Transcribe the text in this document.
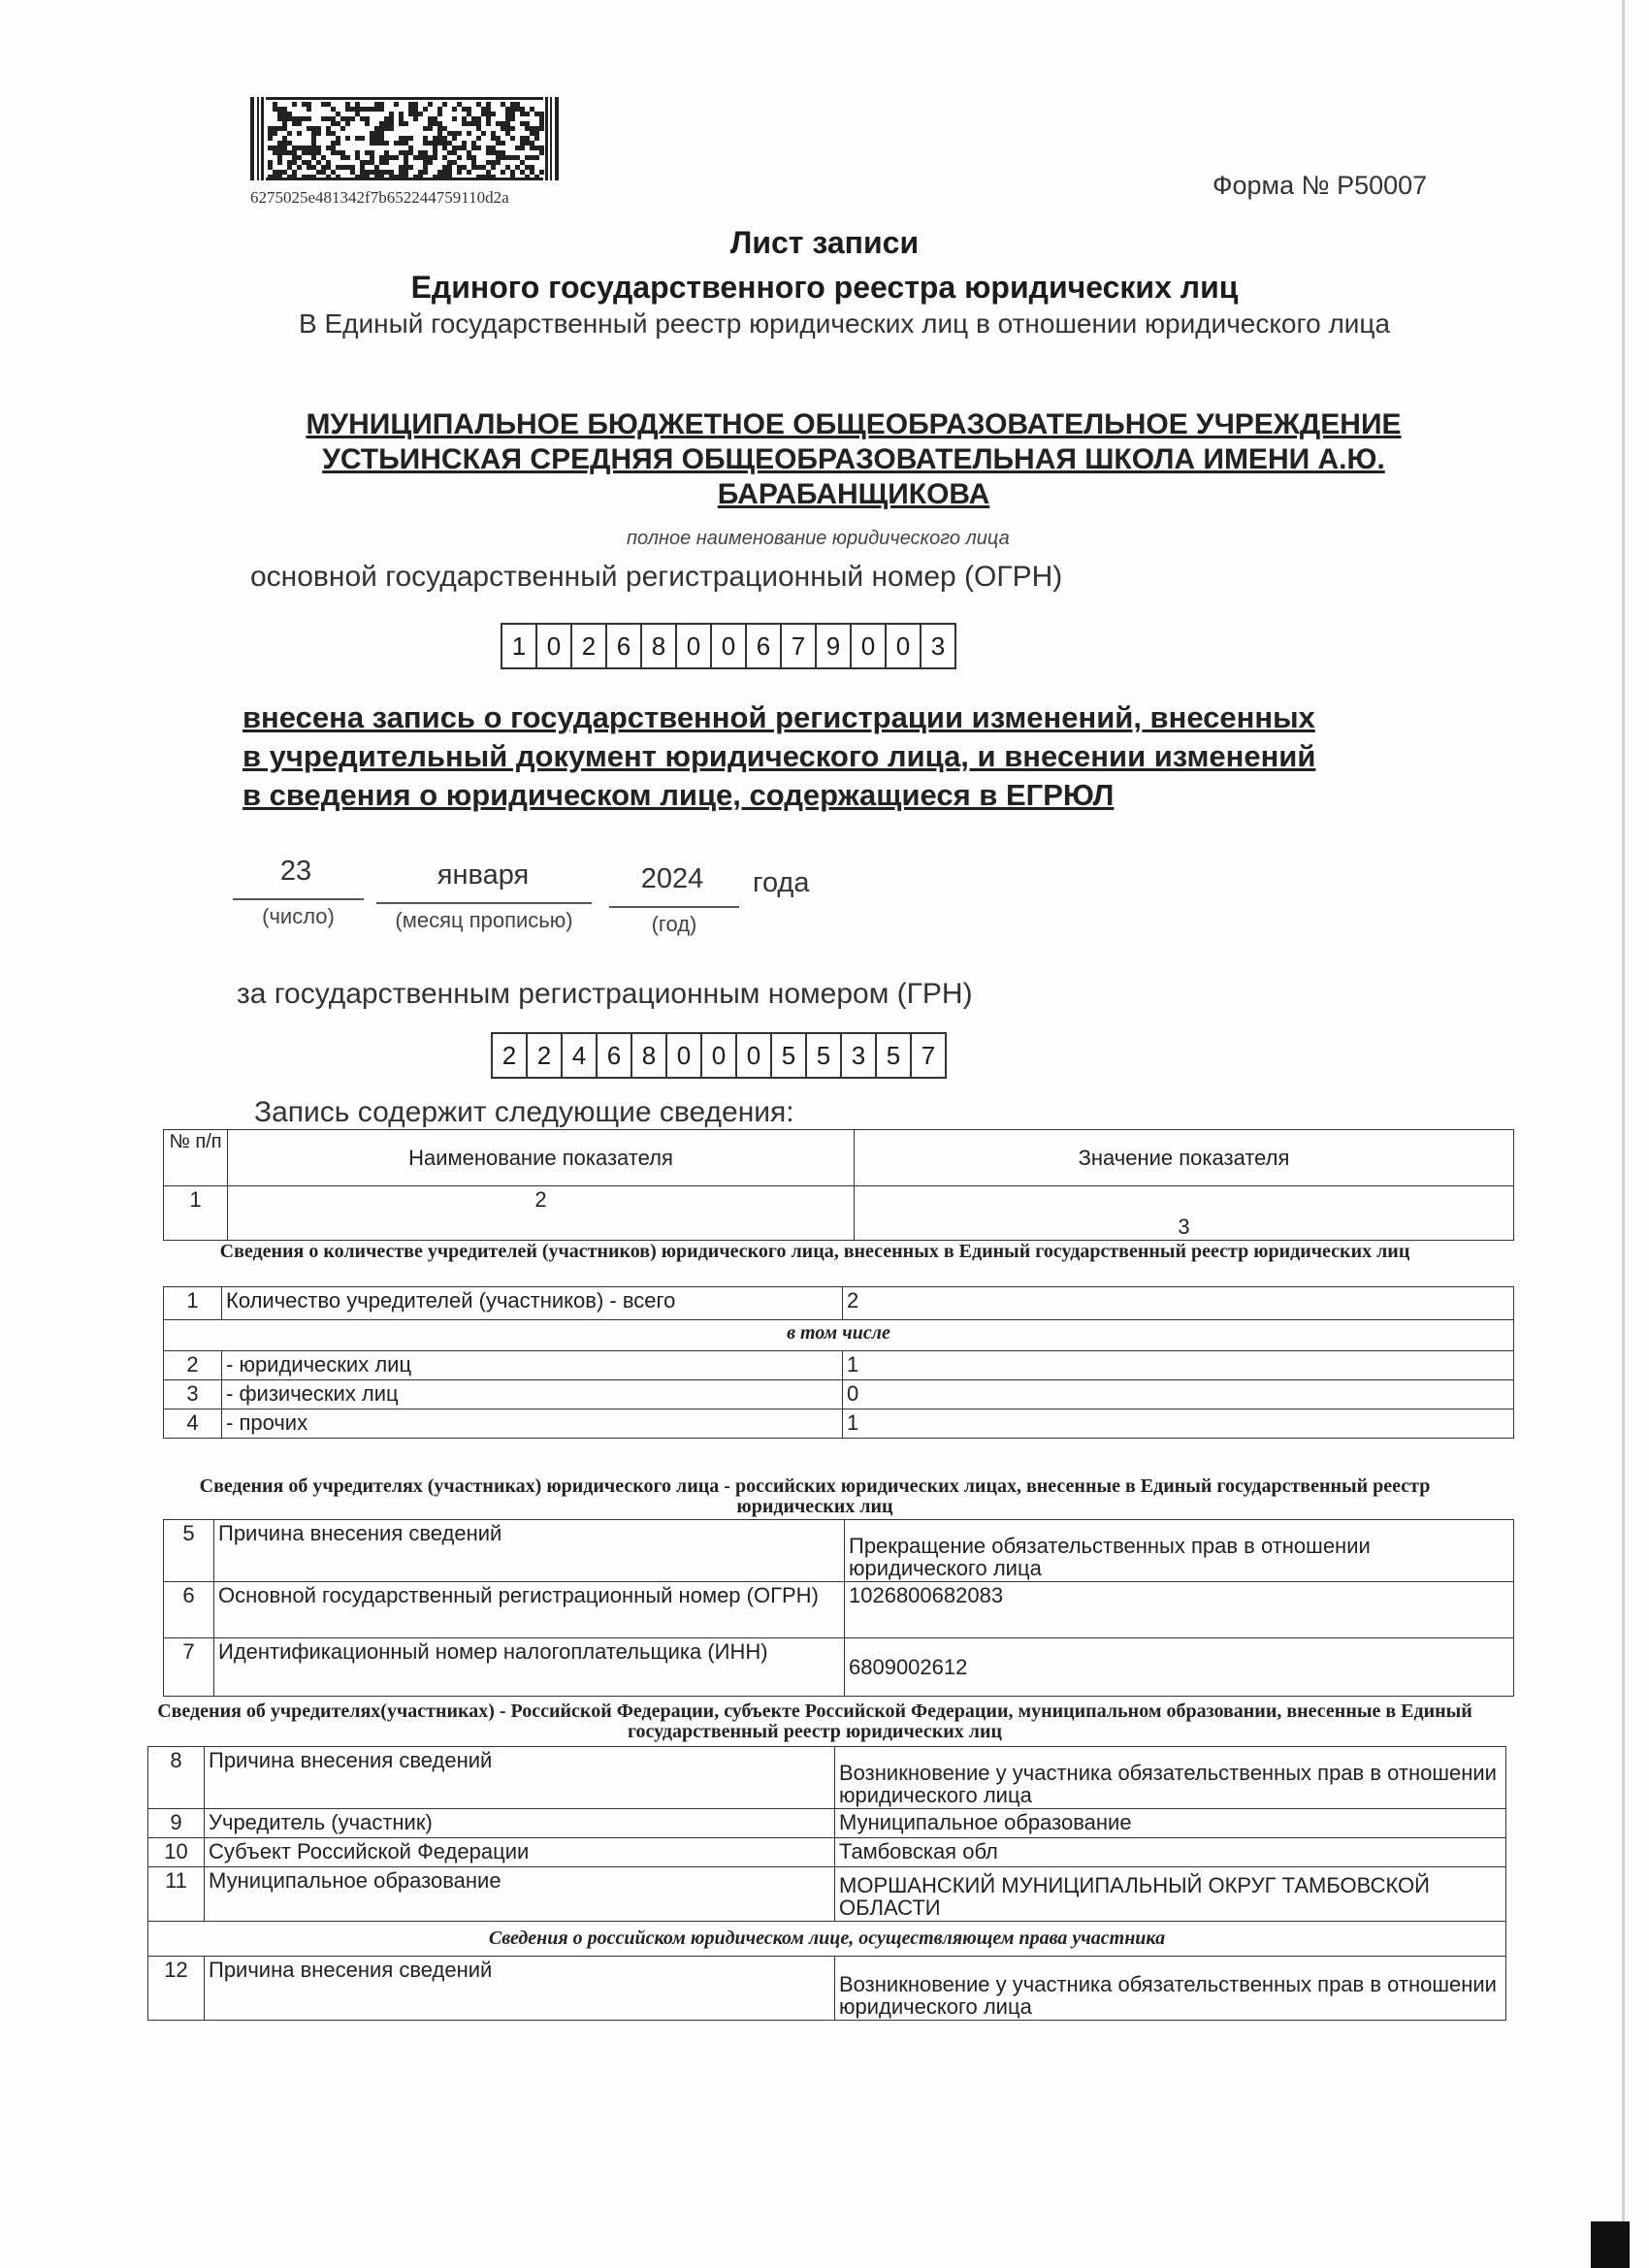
6275025e481342f7b652244759110d2a	Форма № Р50007
Лист записи
Единого государственного реестра юридических лиц
В Единый государственный реестр юридических лиц в отношении юридического лица
МУНИЦИПАЛЬНОЕ БЮДЖЕТНОЕ ОБЩЕОБРАЗОВАТЕЛЬНОЕ УЧРЕЖДЕНИЕ
УСТЬИНСКАЯ СРЕДНЯЯ ОБЩЕОБРАЗОВАТЕЛЬНАЯ ШКОЛА ИМЕНИ А.Ю.
БАРАБАНЩИКОВА
полное наименование юридического лица
основной государственный регистрационный номер (ОГРН)
1 0 2 6 8 0 0 6 7 9 0 0 3
внесена запись о государственной регистрации изменений, внесенных
в учредительный документ юридического лица, и внесении изменений
в сведения о юридическом лице, содержащиеся в ЕГРЮЛ
23
(число)
января
(месяц прописью)
2024
(год)
года
за государственным регистрационным номером (ГРН)
2 2 4 6 8 0 0 0 5 5 3 5 7
Запись содержит следующие сведения:
№ п/п	Наименование показателя	Значение показателя
1	2	3
Сведения о количестве учредителей (участников) юридического лица, внесенных в Единый государственный реестр юридических лиц
1	Количество учредителей (участников) - всего	2
в том числе		
2	- юридических лиц	1
3	- физических лиц	0
4	- прочих	1
Сведения об учредителях (участниках) юридического лица - российских юридических лицах, внесенные в Единый государственный реестр юридических лиц
5	Причина внесения сведений	Прекращение обязательственных прав в отношении юридического лица
6	Основной государственный регистрационный номер (ОГРН)	1026800682083
7	Идентификационный номер налогоплательщика (ИНН)	6809002612
Сведения об учредителях(участниках) - Российской Федерации, субъекте Российской Федерации, муниципальном образовании, внесенные в Единый государственный реестр юридических лиц
8	Причина внесения сведений	Возникновение у участника обязательственных прав в отношении юридического лица
9	Учредитель (участник)	Муниципальное образование
10	Субъект Российской Федерации	Тамбовская обл
11	Муниципальное образование	МОРШАНСКИЙ МУНИЦИПАЛЬНЫЙ ОКРУГ ТАМБОВСКОЙ ОБЛАСТИ
Сведения о российском юридическом лице, осуществляющем права участника		
12	Причина внесения сведений	Возникновение у участника обязательственных прав в отношении юридического лица
